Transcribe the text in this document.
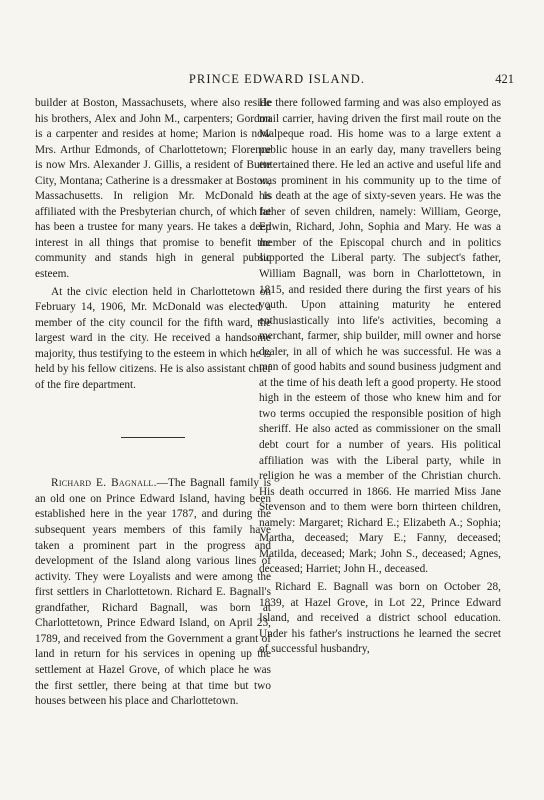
PRINCE EDWARD ISLAND.	421

builder at Boston, Massachusets, where also reside his brothers, Alex and John M., carpenters; Gordon is a carpenter and resides at home; Marion is now Mrs. Arthur Edmonds, of Charlottetown; Florence is now Mrs. Alexander J. Gillis, a resident of Butte City, Montana; Catherine is a dressmaker at Boston, Massachusetts. In religion Mr. McDonald is affiliated with the Presbyterian church, of which he has been a trustee for many years. He takes a deep interest in all things that promise to benefit the community and stands high in general public esteem.

At the civic election held in Charlottetown on February 14, 1906, Mr. McDonald was elected a member of the city council for the fifth ward, the largest ward in the city. He received a handsome majority, thus testifying to the esteem in which he is held by his fellow citizens. He is also assistant chief of the fire department.

Richard E. Bagnall.—The Bagnall family is an old one on Prince Edward Island, having been established here in the year 1787, and during the subsequent years members of this family have taken a prominent part in the progress and development of the Island along various lines of activity. They were Loyalists and were among the first settlers in Charlottetown. Richard E. Bagnall's grandfather, Richard Bagnall, was born at Charlottetown, Prince Edward Island, on April 23, 1789, and received from the Government a grant of land in return for his services in opening up the settlement at Hazel Grove, of which place he was the first settler, there being at that time but two houses between his place and Charlottetown.

He there followed farming and was also employed as mail carrier, having driven the first mail route on the Malpeque road. His home was to a large extent a public house in an early day, many travellers being entertained there. He led an active and useful life and was prominent in his community up to the time of his death at the age of sixty-seven years. He was the father of seven children, namely: William, George, Edwin, Richard, John, Sophia and Mary. He was a member of the Episcopal church and in politics supported the Liberal party. The subject's father, William Bagnall, was born in Charlottetown, in 1815, and resided there during the first years of his youth. Upon attaining maturity he entered enthusiastically into life's activities, becoming a merchant, farmer, ship builder, mill owner and horse dealer, in all of which he was successful. He was a man of good habits and sound business judgment and at the time of his death left a good property. He stood high in the esteem of those who knew him and for two terms occupied the responsible position of high sheriff. He also acted as commissioner on the small debt court for a number of years. His political affiliation was with the Liberal party, while in religion he was a member of the Christian church. His death occurred in 1866. He married Miss Jane Stevenson and to them were born thirteen children, namely: Margaret; Richard E.; Elizabeth A.; Sophia; Martha, deceased; Mary E.; Fanny, deceased; Matilda, deceased; Mark; John S., deceased; Agnes, deceased; Harriet; John H., deceased.

Richard E. Bagnall was born on October 28, 1839, at Hazel Grove, in Lot 22, Prince Edward Island, and received a district school education. Under his father's instructions he learned the secret of successful husbandry,
